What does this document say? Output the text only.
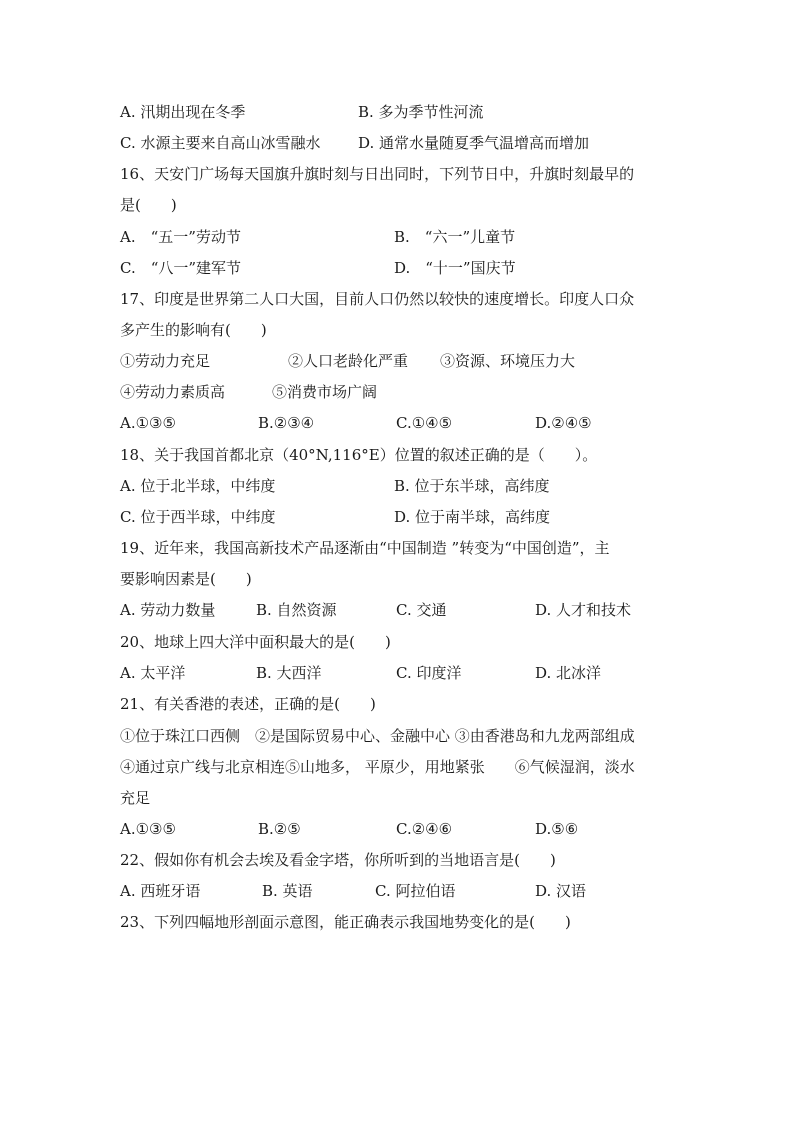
A. 汛期出现在冬季	B. 多为季节性河流
C. 水源主要来自高山冰雪融水	D. 通常水量随夏季气温增高而增加
16、天安门广场每天国旗升旗时刻与日出同时，下列节日中，升旗时刻最早的
是(　　)
A.　“五一”劳动节	B.　“六一”儿童节
C.　“八一”建军节	D.　“十一”国庆节
17、印度是世界第二人口大国，目前人口仍然以较快的速度增长。印度人口众
多产生的影响有(　　)
①劳动力充足	②人口老龄化严重 ③资源、环境压力大
④劳动力素质高	⑤消费市场广阔
A.①③⑤	B.②③④	C.①④⑤	D.②④⑤
18、关于我国首都北京（40°N,116°E）位置的叙述正确的是（　　）。
A. 位于北半球，中纬度	B. 位于东半球，高纬度
C. 位于西半球，中纬度	D. 位于南半球，高纬度
19、近年来，我国高新技术产品逐渐由“中国制造 ”转变为“中国创造”，主
要影响因素是(　　)
A. 劳动力数量	B. 自然资源	C. 交通	D. 人才和技术
20、地球上四大洋中面积最大的是(　　)
A. 太平洋	B. 大西洋	C. 印度洋	D. 北冰洋
21、有关香港的表述，正确的是(　　)
①位于珠江口西侧　②是国际贸易中心、金融中心 ③由香港岛和九龙两部组成
④通过京广线与北京相连⑤山地多， 平原少，用地紧张　　⑥气候湿润，淡水
充足
A.①③⑤	B.②⑤	C.②④⑥	D.⑤⑥
22、假如你有机会去埃及看金字塔，你所听到的当地语言是(　　)
A. 西班牙语	B. 英语	C. 阿拉伯语	D. 汉语
23、下列四幅地形剖面示意图，能正确表示我国地势变化的是(　　)
